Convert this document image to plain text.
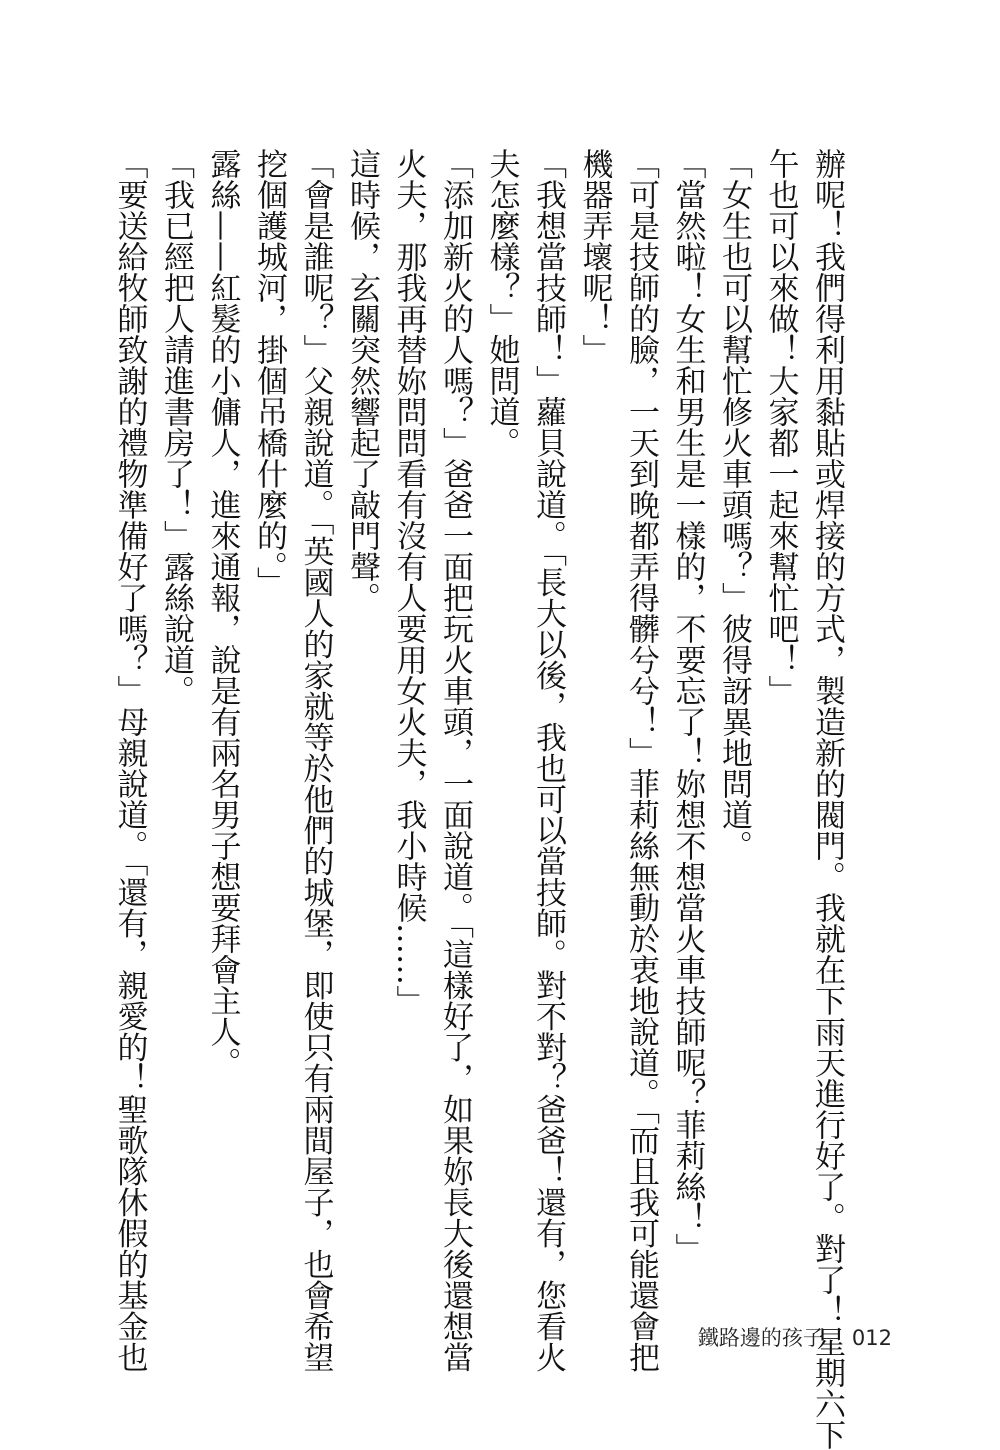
辦呢！我們得利用黏貼或焊接的方式，製造新的閥門。我就在下雨天進行好了。對了！星期六下
午也可以來做！大家都一起來幫忙吧！」
「女生也可以幫忙修火車頭嗎？」彼得訝異地問道。
「當然啦！女生和男生是一樣的，不要忘了！妳想不想當火車技師呢？菲莉絲！」
「可是技師的臉，一天到晚都弄得髒兮兮！」菲莉絲無動於衷地說道。「而且我可能還會把
機器弄壞呢！」
「我想當技師！」蘿貝說道。「長大以後，我也可以當技師。對不對？爸爸！還有，您看火
夫怎麼樣？」她問道。
「添加新火的人嗎？」爸爸一面把玩火車頭，一面說道。「這樣好了，如果妳長大後還想當
火夫，那我再替妳問問看有沒有人要用女火夫，我小時候……」
這時候，玄關突然響起了敲門聲。
「會是誰呢？」父親說道。「英國人的家就等於他們的城堡，即使只有兩間屋子，也會希望
挖個護城河，掛個吊橋什麼的。」
露絲——紅髮的小傭人，進來通報，說是有兩名男子想要拜會主人。
「我已經把人請進書房了！」露絲說道。
「要送給牧師致謝的禮物準備好了嗎？」母親說道。「還有，親愛的！聖歌隊休假的基金也	鐵路邊的孩子 012
